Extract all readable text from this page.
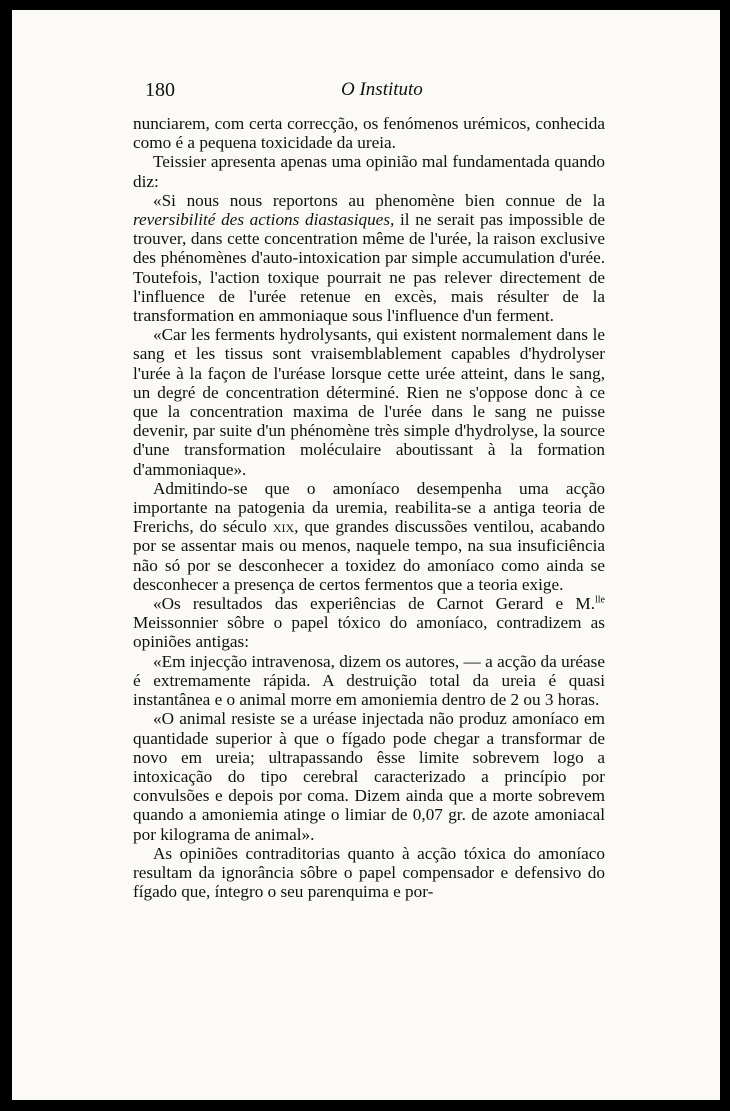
180	O Instituto

nunciarem, com certa correcção, os fenómenos urémicos, conhecida como é a pequena toxicidade da ureia.

Teissier apresenta apenas uma opinião mal fundamentada quando diz:

«Si nous nous reportons au phenomène bien connue de la reversibilité des actions diastasiques, il ne serait pas impossible de trouver, dans cette concentration même de l'urée, la raison exclusive des phénomènes d'auto-intoxication par simple accumulation d'urée. Toutefois, l'action toxique pourrait ne pas relever directement de l'influence de l'urée retenue en excès, mais résulter de la transformation en ammoniaque sous l'influence d'un ferment.

«Car les ferments hydrolysants, qui existent normalement dans le sang et les tissus sont vraisemblablement capables d'hydrolyser l'urée à la façon de l'uréase lorsque cette urée atteint, dans le sang, un degré de concentration déterminé. Rien ne s'oppose donc à ce que la concentration maxima de l'urée dans le sang ne puisse devenir, par suite d'un phénomène très simple d'hydrolyse, la source d'une transformation moléculaire aboutissant à la formation d'ammoniaque».

Admitindo-se que o amoníaco desempenha uma acção importante na patogenia da uremia, reabilita-se a antiga teoria de Frerichs, do século xix, que grandes discussões ventilou, acabando por se assentar mais ou menos, naquele tempo, na sua insuficiência não só por se desconhecer a toxidez do amoníaco como ainda se desconhecer a presença de certos fermentos que a teoria exige.

«Os resultados das experiências de Carnot Gerard e M.$^{lle}$ Meissonnier sôbre o papel tóxico do amoníaco, contradizem as opiniões antigas:

«Em injecção intravenosa, dizem os autores, — a acção da uréase é extremamente rápida. A destruição total da ureia é quasi instantânea e o animal morre em amoniemia dentro de 2 ou 3 horas.

«O animal resiste se a uréase injectada não produz amoníaco em quantidade superior à que o fígado pode chegar a transformar de novo em ureia; ultrapassando êsse limite sobrevem logo a intoxicação do tipo cerebral caracterizado a princípio por convulsões e depois por coma. Dizem ainda que a morte sobrevem quando a amoniemia atinge o limiar de 0,07 gr. de azote amoniacal por kilograma de animal».

As opiniões contraditorias quanto à acção tóxica do amoníaco resultam da ignorância sôbre o papel compensador e defensivo do fígado que, íntegro o seu parenquima e por-
